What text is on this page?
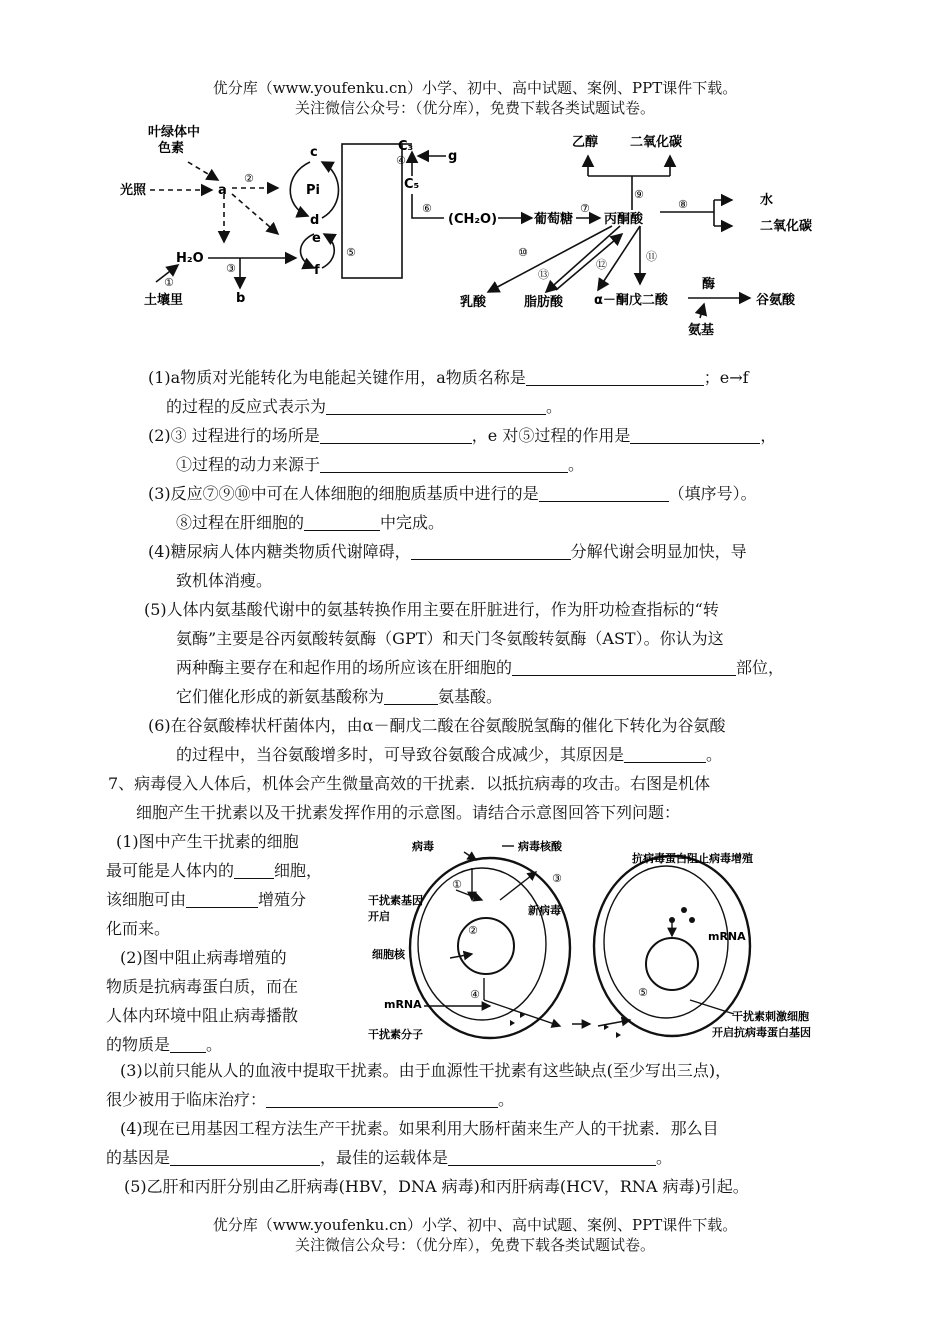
优分库（www.youfenku.cn）小学、初中、高中试题、案例、PPT课件下载。
关注微信公众号：（优分库），免费下载各类试题试卷。
叶绿体中
色素
光照	a
②
c
Pi
d
e
f
H₂O
①
土壤里
③
b
⑤
C₃
④	g
C₅
⑥
(CH₂O)	葡萄糖
⑦
丙酮酸
乙醇 二氧化碳
⑨
⑧	水
二氧化碳
⑩
⑬
⑫
⑪
乳酸	脂肪酸 α－酮戊二酸
酶
谷氨酸
氨基
(1)a物质对光能转化为电能起关键作用，a物质名称是	；e→f
的过程的反应式表示为	。
(2)③ 过程进行的场所是	，e 对⑤过程的作用是	，
①过程的动力来源于	。
(3)反应⑦⑨⑩中可在人体细胞的细胞质基质中进行的是	（填序号）。
⑧过程在肝细胞的	中完成。
(4)糖尿病人体内糖类物质代谢障碍，	分解代谢会明显加快，导
致机体消瘦。
(5)人体内氨基酸代谢中的氨基转换作用主要在肝脏进行，作为肝功检查指标的“转
氨酶”主要是谷丙氨酸转氨酶（GPT）和天门冬氨酸转氨酶（AST）。你认为这
两种酶主要存在和起作用的场所应该在肝细胞的	部位，
它们催化形成的新氨基酸称为	氨基酸。
(6)在谷氨酸棒状杆菌体内，由α－酮戊二酸在谷氨酸脱氢酶的催化下转化为谷氨酸
的过程中，当谷氨酸增多时，可导致谷氨酸合成减少，其原因是	。
7、病毒侵入人体后，机体会产生微量高效的干扰素．以抵抗病毒的攻击。右图是机体
细胞产生干扰素以及干扰素发挥作用的示意图。请结合示意图回答下列问题：
(1)图中产生干扰素的细胞
最可能是人体内的	细胞，
该细胞可由	增殖分
化而来。
(2)图中阻止病毒增殖的
物质是抗病毒蛋白质，而在
人体内环境中阻止病毒播散
的物质是 。
病毒	病毒核酸
抗病毒蛋白阻止病毒增殖
干扰素基因
开启	新病毒
细胞核
mRNA
mRNA
干扰素分子
干扰素刺激细胞
开启抗病毒蛋白基因
①
②
③
④	⑤
(3)以前只能从人的血液中提取干扰素。由于血源性干扰素有这些缺点(至少写出三点)，
很少被用于临床治疗：	。
(4)现在已用基因工程方法生产干扰素。如果利用大肠杆菌来生产人的干扰素．那么目
的基因是	，最佳的运载体是	。
(5)乙肝和丙肝分别由乙肝病毒(HBV，DNA 病毒)和丙肝病毒(HCV，RNA 病毒)引起。
优分库（www.youfenku.cn）小学、初中、高中试题、案例、PPT课件下载。
关注微信公众号：（优分库），免费下载各类试题试卷。
